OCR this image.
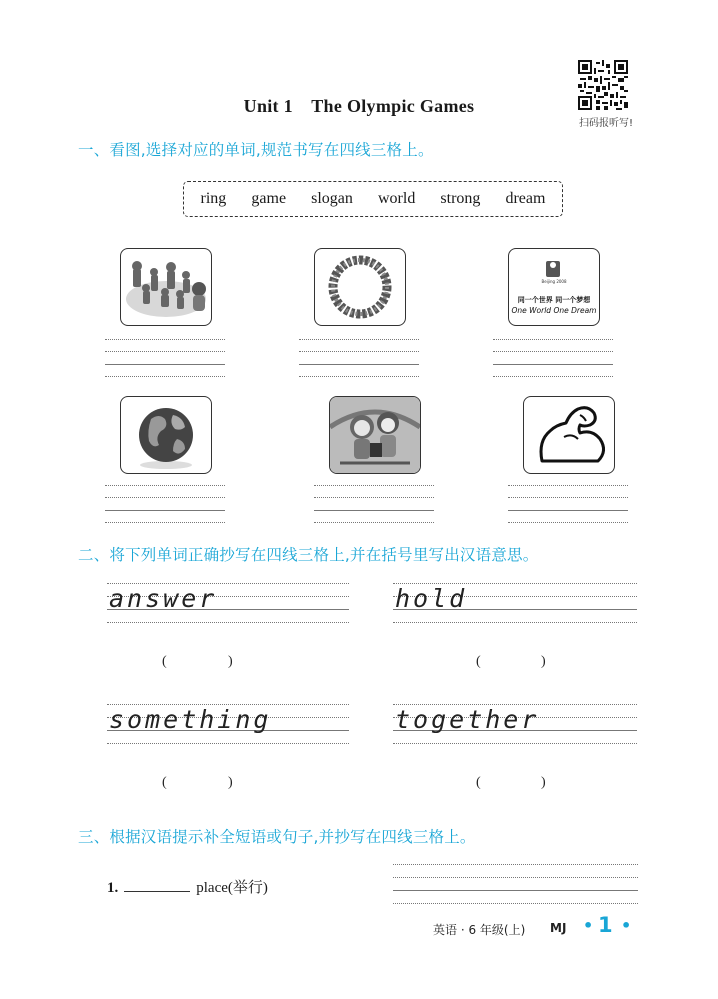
Unit 1　The Olympic Games
扫码报听写!
一、看图,选择对应的单词,规范书写在四线三格上。
ring game slogan world strong dream
Beijing 2008
同一个世界 同一个梦想
One World One Dream
二、将下列单词正确抄写在四线三格上,并在括号里写出汉语意思。
answer	hold
(	)	(	)
something	together
(	)	(	)
三、根据汉语提示补全短语或句子,并抄写在四线三格上。
1.	place(举行)
英语 · 6 年级(上) MJ • 1 •
